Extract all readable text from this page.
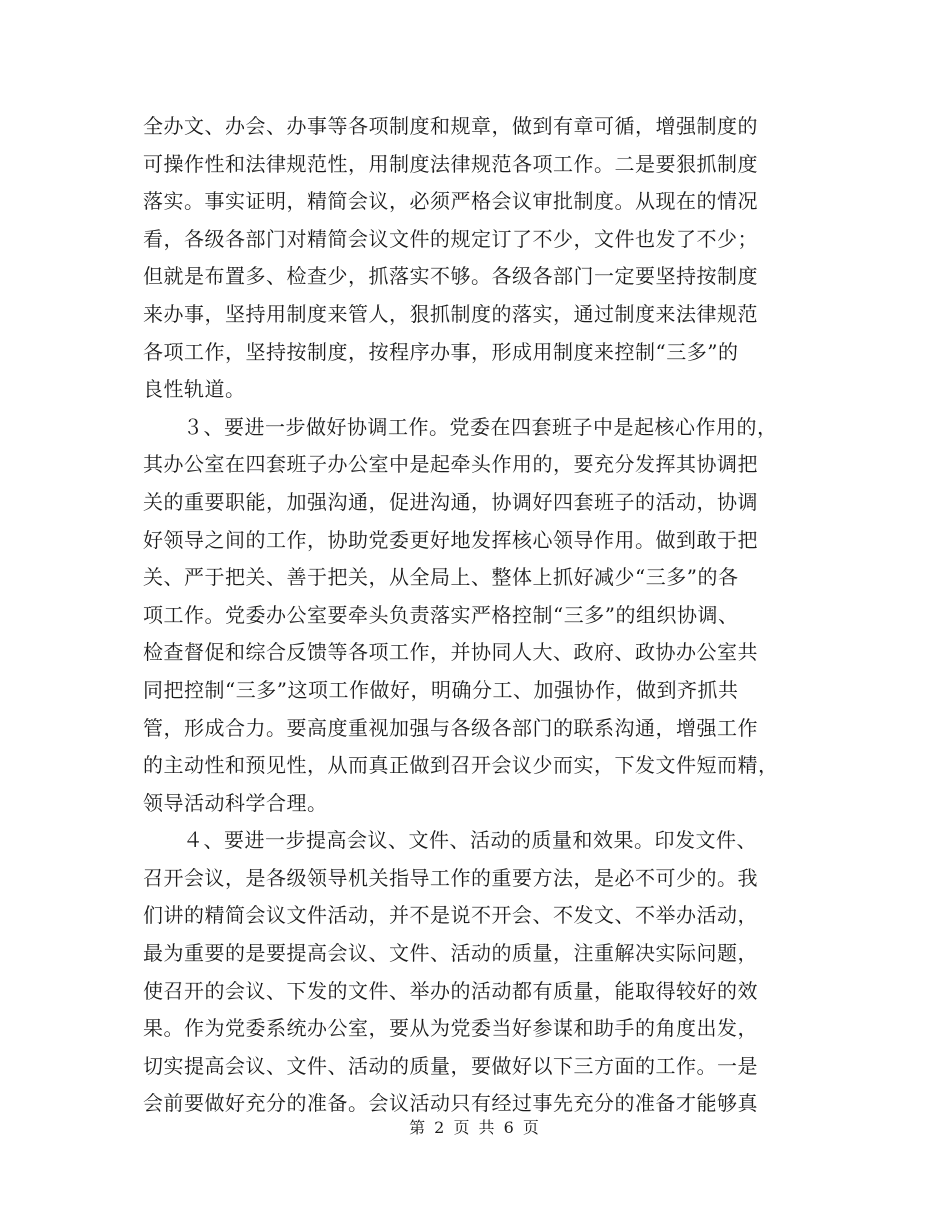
全办文、办会、办事等各项制度和规章，做到有章可循，增强制度的
可操作性和法律规范性，用制度法律规范各项工作。二是要狠抓制度
落实。事实证明，精简会议，必须严格会议审批制度。从现在的情况
看，各级各部门对精简会议文件的规定订了不少，文件也发了不少；
但就是布置多、检查少，抓落实不够。各级各部门一定要坚持按制度
来办事，坚持用制度来管人，狠抓制度的落实，通过制度来法律规范
各项工作，坚持按制度，按程序办事，形成用制度来控制“三多”的
良性轨道。
３、要进一步做好协调工作。党委在四套班子中是起核心作用的，
其办公室在四套班子办公室中是起牵头作用的，要充分发挥其协调把
关的重要职能，加强沟通，促进沟通，协调好四套班子的活动，协调
好领导之间的工作，协助党委更好地发挥核心领导作用。做到敢于把
关、严于把关、善于把关，从全局上、整体上抓好减少“三多”的各
项工作。党委办公室要牵头负责落实严格控制“三多”的组织协调、
检查督促和综合反馈等各项工作，并协同人大、政府、政协办公室共
同把控制“三多”这项工作做好，明确分工、加强协作，做到齐抓共
管，形成合力。要高度重视加强与各级各部门的联系沟通，增强工作
的主动性和预见性，从而真正做到召开会议少而实，下发文件短而精，
领导活动科学合理。
４、要进一步提高会议、文件、活动的质量和效果。印发文件、
召开会议，是各级领导机关指导工作的重要方法，是必不可少的。我
们讲的精简会议文件活动，并不是说不开会、不发文、不举办活动，
最为重要的是要提高会议、文件、活动的质量，注重解决实际问题，
使召开的会议、下发的文件、举办的活动都有质量，能取得较好的效
果。作为党委系统办公室，要从为党委当好参谋和助手的角度出发，
切实提高会议、文件、活动的质量，要做好以下三方面的工作。一是
会前要做好充分的准备。会议活动只有经过事先充分的准备才能够真
第 2 页 共 6 页
